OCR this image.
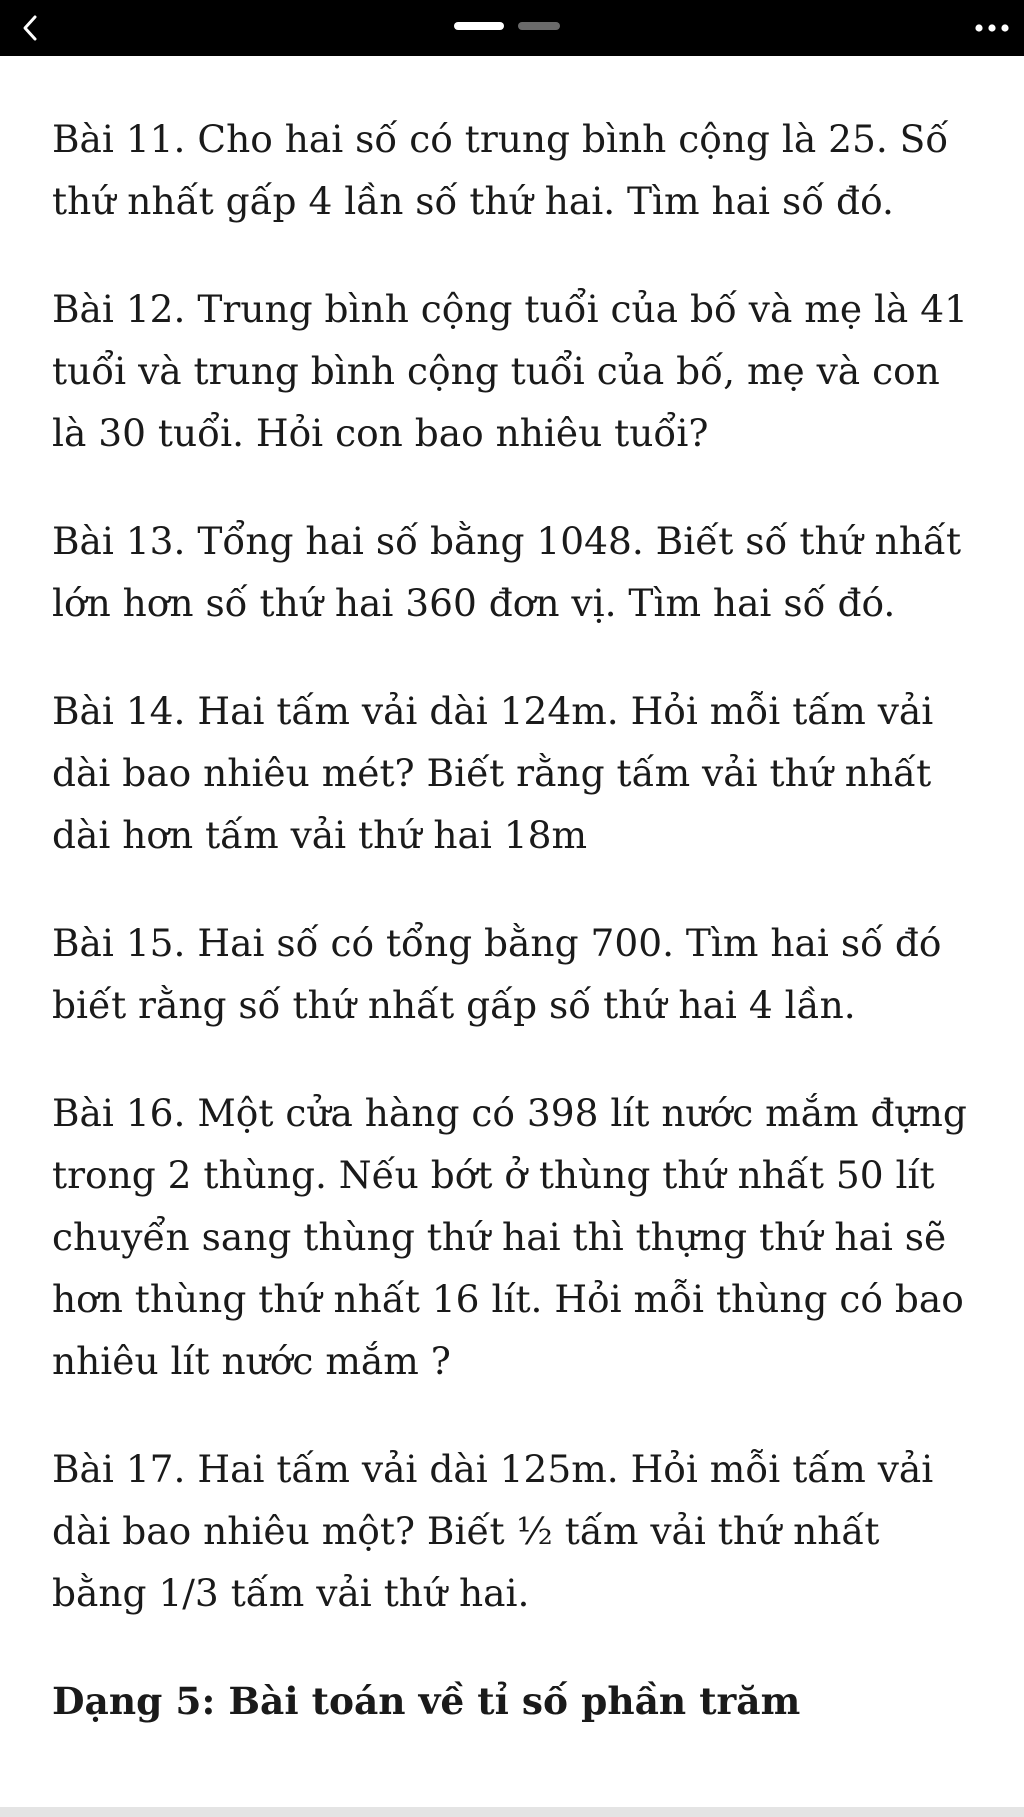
Bài 11. Cho hai số có trung bình cộng là 25. Số thứ nhất gấp 4 lần số thứ hai. Tìm hai số đó.

Bài 12. Trung bình cộng tuổi của bố và mẹ là 41 tuổi và trung bình cộng tuổi của bố, mẹ và con là 30 tuổi. Hỏi con bao nhiêu tuổi?

Bài 13. Tổng hai số bằng 1048. Biết số thứ nhất lớn hơn số thứ hai 360 đơn vị. Tìm hai số đó.

Bài 14. Hai tấm vải dài 124m. Hỏi mỗi tấm vải dài bao nhiêu mét? Biết rằng tấm vải thứ nhất dài hơn tấm vải thứ hai 18m

Bài 15. Hai số có tổng bằng 700. Tìm hai số đó biết rằng số thứ nhất gấp số thứ hai 4 lần.

Bài 16. Một cửa hàng có 398 lít nước mắm đựng trong 2 thùng. Nếu bớt ở thùng thứ nhất 50 lít chuyển sang thùng thứ hai thì thựng thứ hai sẽ hơn thùng thứ nhất 16 lít. Hỏi mỗi thùng có bao nhiêu lít nước mắm ?

Bài 17. Hai tấm vải dài 125m. Hỏi mỗi tấm vải dài bao nhiêu một? Biết ½ tấm vải thứ nhất bằng 1/3 tấm vải thứ hai.

Dạng 5: Bài toán về tỉ số phần trăm
